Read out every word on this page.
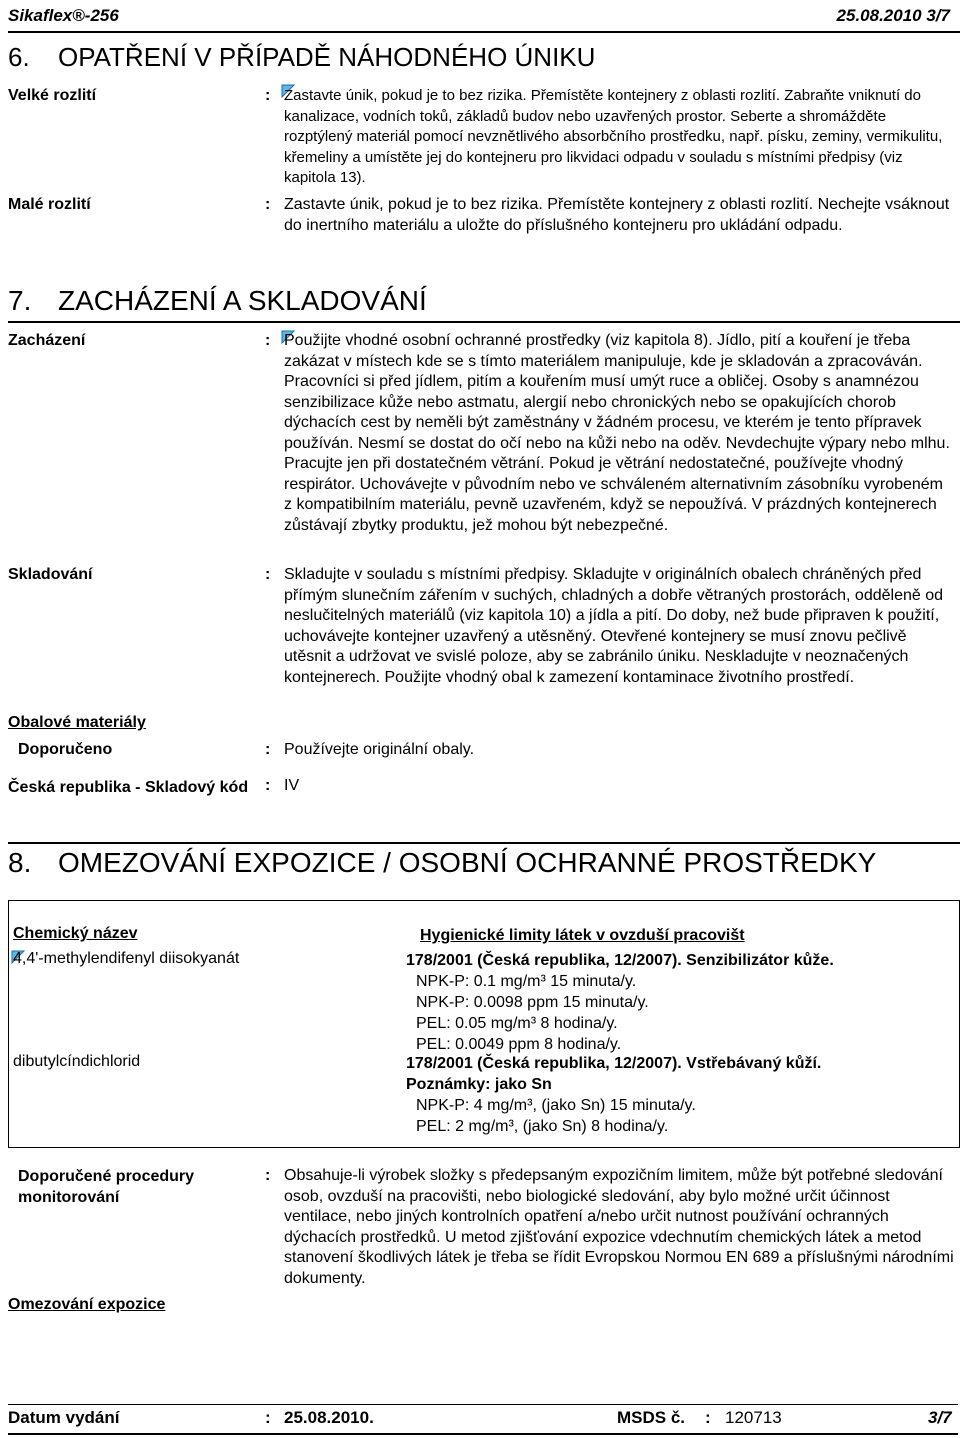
Sikaflex®-256	25.08.2010 3/7
6. OPATŘENÍ V PŘÍPADĚ NÁHODNÉHO ÚNIKU
Velké rozlití	: Zastavte únik, pokud je to bez rizika. Přemístěte kontejnery z oblasti rozlití. Zabraňte vniknutí do kanalizace, vodních toků, základů budov nebo uzavřených prostor. Seberte a shromážděte rozptýlený materiál pomocí nevznětlivého absorbčního prostředku, např. písku, zeminy, vermikulitu, křemeliny a umístěte jej do kontejneru pro likvidaci odpadu v souladu s místními předpisy (viz kapitola 13).
Malé rozlití	: Zastavte únik, pokud je to bez rizika. Přemístěte kontejnery z oblasti rozlití. Nechejte vsáknout do inertního materiálu a uložte do příslušného kontejneru pro ukládání odpadu.
7. ZACHÁZENÍ A SKLADOVÁNÍ
Zacházení	: Použijte vhodné osobní ochranné prostředky (viz kapitola 8). Jídlo, pití a kouření je třeba zakázat v místech kde se s tímto materiálem manipuluje, kde je skladován a zpracováván. Pracovníci si před jídlem, pitím a kouřením musí umýt ruce a obličej. Osoby s anamnézou senzibilizace kůže nebo astmatu, alergií nebo chronických nebo se opakujících chorob dýchacích cest by neměli být zaměstnány v žádném procesu, ve kterém je tento přípravek používán. Nesmí se dostat do očí nebo na kůži nebo na oděv. Nevdechujte výpary nebo mlhu. Pracujte jen při dostatečném větrání. Pokud je větrání nedostatečné, používejte vhodný respirátor. Uchovávejte v původním nebo ve schváleném alternativním zásobníku vyrobeném z kompatibilním materiálu, pevně uzavřeném, když se nepoužívá. V prázdných kontejnerech zůstávají zbytky produktu, jež mohou být nebezpečné.
Skladování	: Skladujte v souladu s místními předpisy. Skladujte v originálních obalech chráněných před přímým slunečním zářením v suchých, chladných a dobře větraných prostorách, odděleně od neslučitelných materiálů (viz kapitola 10) a jídla a pití. Do doby, než bude připraven k použití, uchovávejte kontejner uzavřený a utěsněný. Otevřené kontejnery se musí znovu pečlivě utěsnit a udržovat ve svislé poloze, aby se zabránilo úniku. Neskladujte v neoznačených kontejnerech. Použijte vhodný obal k zamezení kontaminace životního prostředí.
Obalové materiály
Doporučeno	: Používejte originální obaly.
Česká republika - Skladový kód	: IV
8. OMEZOVÁNÍ EXPOZICE / OSOBNÍ OCHRANNÉ PROSTŘEDKY
Chemický název	Hygienické limity látek v ovzduší pracovišt
4,4'-methylendifenyl diisokyanát	178/2001 (Česká republika, 12/2007). Senzibilizátor kůže.
NPK-P: 0.1 mg/m³ 15 minuta/y.
NPK-P: 0.0098 ppm 15 minuta/y.
PEL: 0.05 mg/m³ 8 hodina/y.
PEL: 0.0049 ppm 8 hodina/y.
dibutylcíndichlorid	178/2001 (Česká republika, 12/2007). Vstřebávaný kůží.
Poznámky: jako Sn
NPK-P: 4 mg/m³, (jako Sn) 15 minuta/y.
PEL: 2 mg/m³, (jako Sn) 8 hodina/y.
Doporučené procedury monitorování
: Obsahuje-li výrobek složky s předepsaným expozičním limitem, může být potřebné sledování osob, ovzduší na pracovišti, nebo biologické sledování, aby bylo možné určit účinnost ventilace, nebo jiných kontrolních opatření a/nebo určit nutnost používání ochranných dýchacích prostředků. U metod zjišťování expozice vdechnutím chemických látek a metod stanovení škodlivých látek je třeba se řídit Evropskou Normou EN 689 a příslušnými národními dokumenty.
Omezování expozice
Datum vydání	: 25.08.2010.	MSDS č. : 120713	3/7
